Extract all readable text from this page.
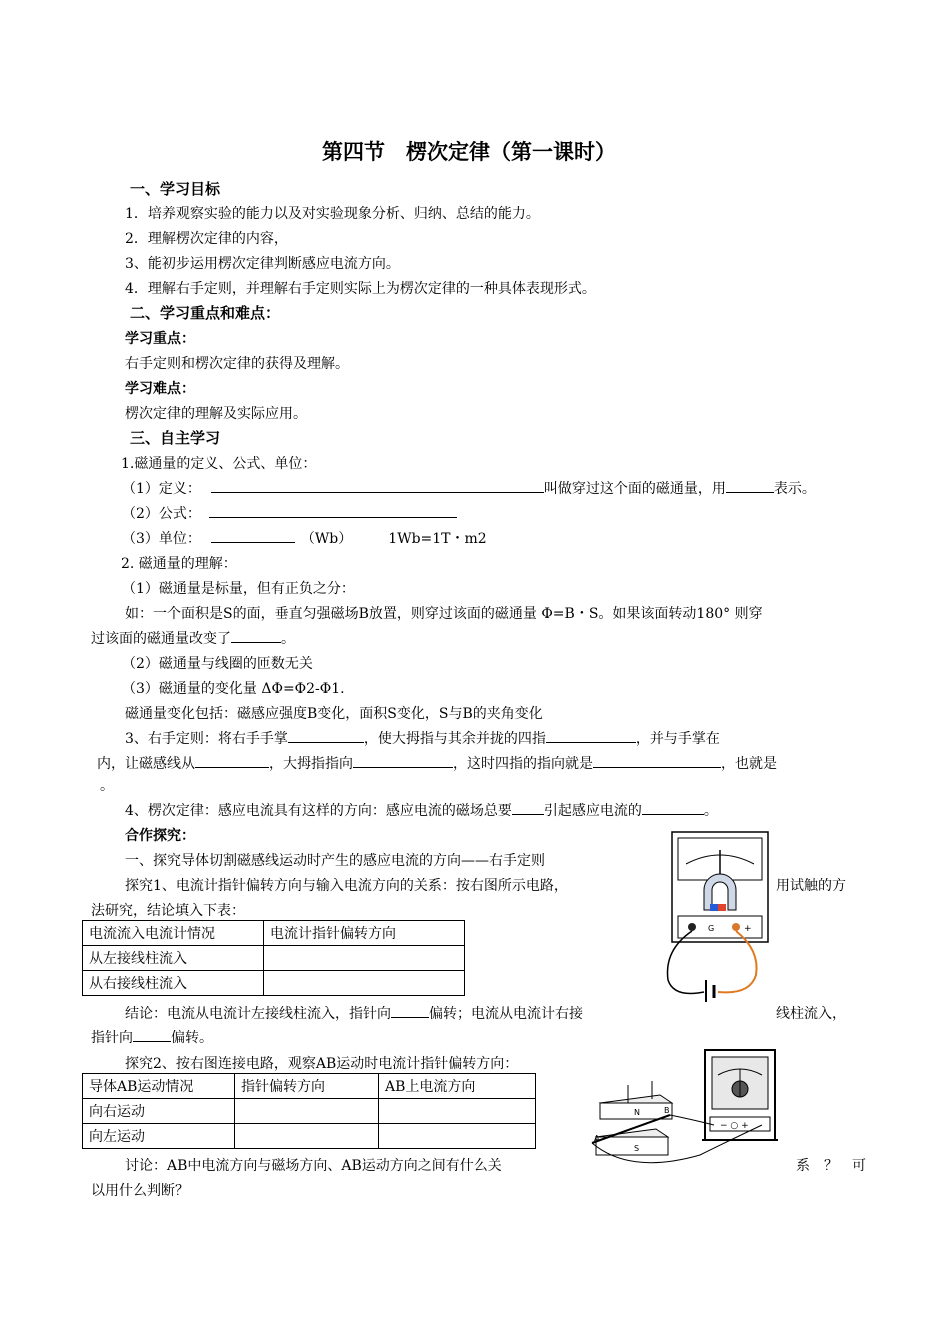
第四节　楞次定律（第一课时）
一、学习目标
1．培养观察实验的能力以及对实验现象分析、归纳、总结的能力。
2．理解楞次定律的内容，
3、能初步运用楞次定律判断感应电流方向。
4．理解右手定则，并理解右手定则实际上为楞次定律的一种具体表现形式。
二、学习重点和难点：
学习重点：
右手定则和楞次定律的获得及理解。
学习难点：
楞次定律的理解及实际应用。
三、自主学习
1.磁通量的定义、公式、单位：
（1）定义：	叫做穿过这个面的磁通量，用	表示。
（2）公式：
（3）单位：	（Wb）	1Wb=1T・m2
2. 磁通量的理解：
（1）磁通量是标量，但有正负之分：
如：一个面积是S的面，垂直匀强磁场B放置，则穿过该面的磁通量 Φ=B・S。如果该面转动180° 则穿
过该面的磁通量改变了	。
（2）磁通量与线圈的匝数无关
（3）磁通量的变化量 ΔΦ=Φ2-Φ1.
磁通量变化包括：磁感应强度B变化，面积S变化，S与B的夹角变化
3、右手定则：将右手手掌	，使大拇指与其余并拢的四指	，并与手掌在
内，让磁感线从	，大拇指指向	，这时四指的指向就是	，也就是
。
4、楞次定律：感应电流具有这样的方向：感应电流的磁场总要 引起感应电流的	。
合作探究：
一、探究导体切割磁感线运动时产生的感应电流的方向——右手定则
探究1、电流计指针偏转方向与输入电流方向的关系：按右图所示电路，	用试触的方
法研究，结论填入下表：
电流流入电流计情况	电流计指针偏转方向
从左接线柱流入	
从右接线柱流入	
结论：电流从电流计左接线柱流入，指针向	偏转；电流从电流计右接	线柱流入，
指针向	偏转。
探究2、按右图连接电路，观察AB运动时电流计指针偏转方向：
导体AB运动情况	指针偏转方向	AB上电流方向
向右运动		
向左运动		
讨论：AB中电流方向与磁场方向、AB运动方向之间有什么关	系　？　可
以用什么判断？
G	+
− ○ +
N
S
A
B
